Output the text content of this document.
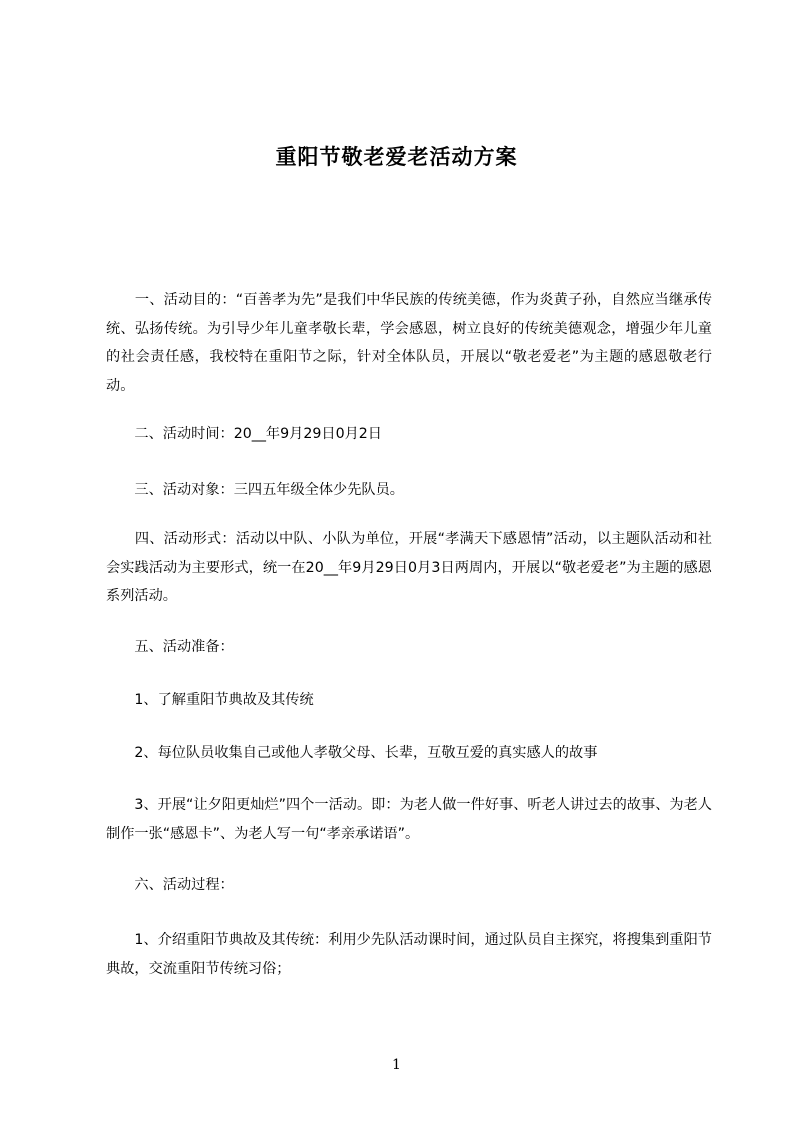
重阳节敬老爱老活动方案
　　一、活动目的：“百善孝为先”是我们中华民族的传统美德，作为炎黄子孙，自然应当继承传统、弘扬传统。为引导少年儿童孝敬长辈，学会感恩，树立良好的传统美德观念，增强少年儿童的社会责任感，我校特在重阳节之际，针对全体队员，开展以“敬老爱老”为主题的感恩敬老行动。
　　二、活动时间：20__年9月29日0月2日
　　三、活动对象：三四五年级全体少先队员。
　　四、活动形式：活动以中队、小队为单位，开展“孝满天下感恩情”活动，以主题队活动和社会实践活动为主要形式，统一在20__年9月29日0月3日两周内，开展以“敬老爱老”为主题的感恩系列活动。
　　五、活动准备：
　　1、了解重阳节典故及其传统
　　2、每位队员收集自己或他人孝敬父母、长辈，互敬互爱的真实感人的故事
　　3、开展“让夕阳更灿烂”四个一活动。即：为老人做一件好事、听老人讲过去的故事、为老人制作一张“感恩卡”、为老人写一句“孝亲承诺语”。
　　六、活动过程：
　　1、介绍重阳节典故及其传统：利用少先队活动课时间，通过队员自主探究，将搜集到重阳节典故，交流重阳节传统习俗；
1
